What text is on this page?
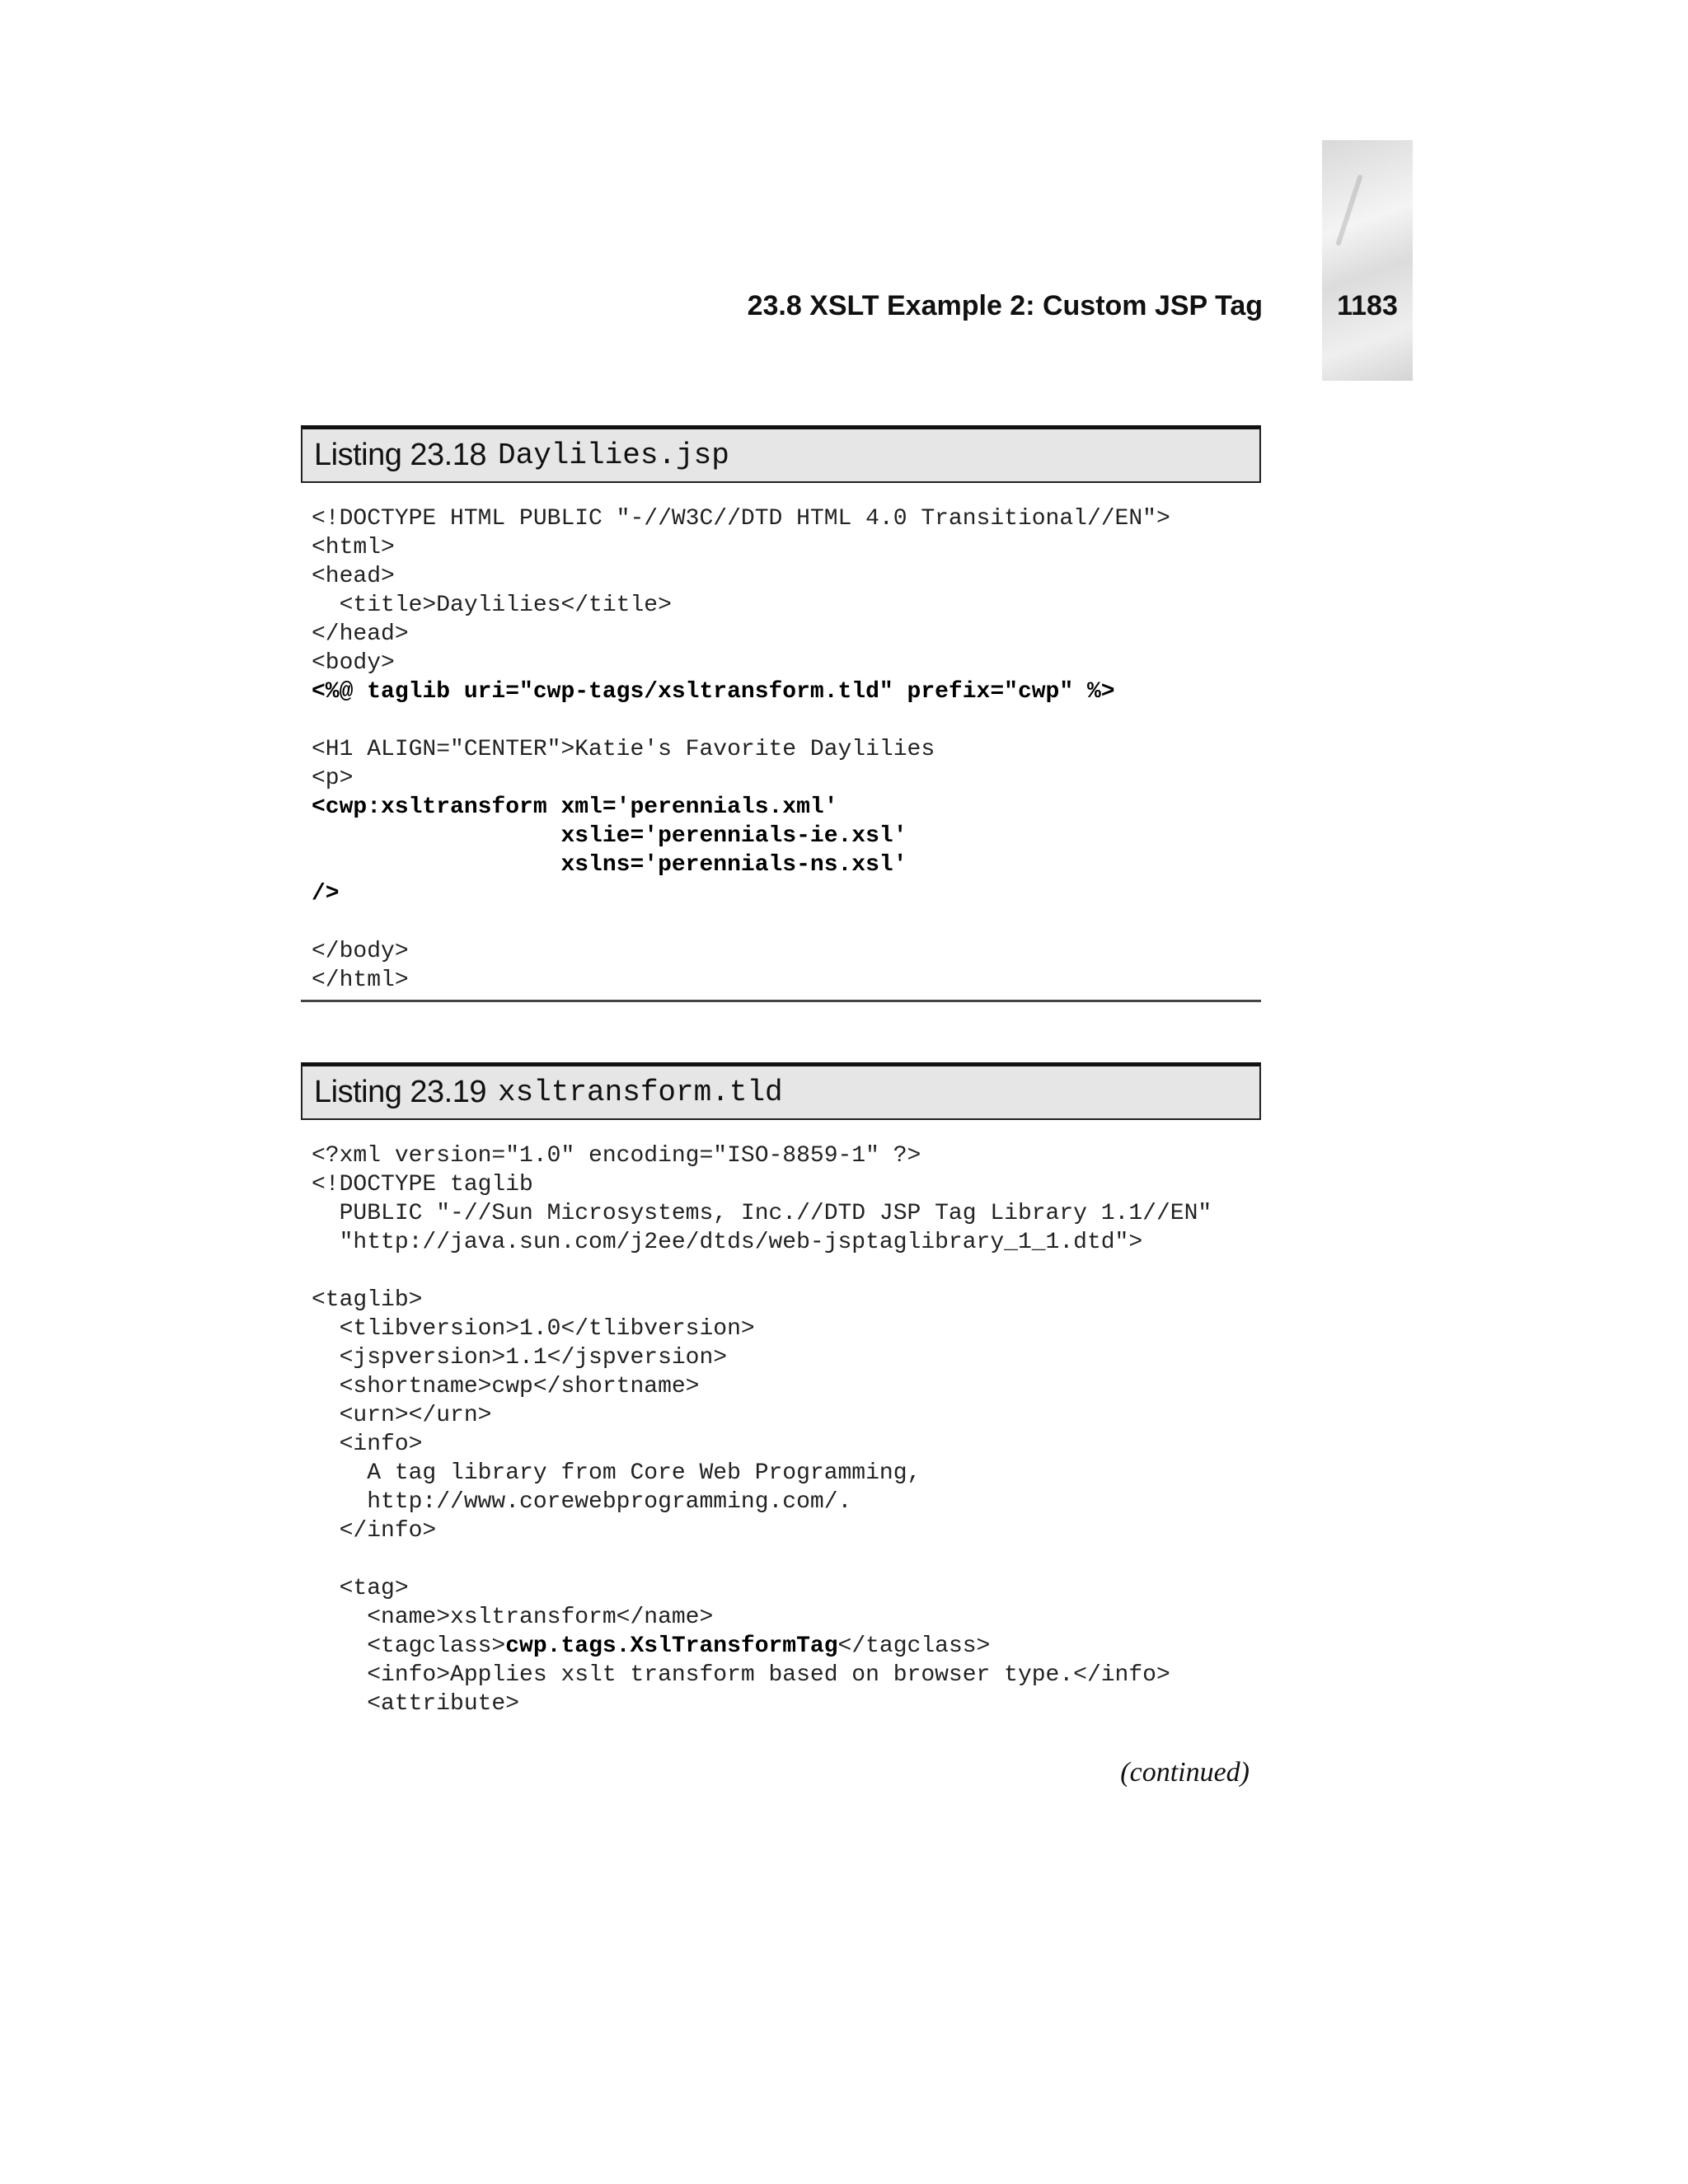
23.8 XSLT Example 2: Custom JSP Tag	1183
Listing 23.18 Daylilies.jsp
<!DOCTYPE HTML PUBLIC "-//W3C//DTD HTML 4.0 Transitional//EN">
<html>
<head>
<title>Daylilies</title>
</head>
<body>
<%@ taglib uri="cwp-tags/xsltransform.tld" prefix="cwp" %>

<H1 ALIGN="CENTER">Katie's Favorite Daylilies
<p>
<cwp:xsltransform xml='perennials.xml'
xslie='perennials-ie.xsl'
xslns='perennials-ns.xsl'
/>

</body>
</html>

Listing 23.19 xsltransform.tld
<?xml version="1.0" encoding="ISO-8859-1" ?>
<!DOCTYPE taglib
PUBLIC "-//Sun Microsystems, Inc.//DTD JSP Tag Library 1.1//EN"
"http://java.sun.com/j2ee/dtds/web-jsptaglibrary_1_1.dtd">

<taglib>
<tlibversion>1.0</tlibversion>
<jspversion>1.1</jspversion>
<shortname>cwp</shortname>
<urn></urn>
<info>
A tag library from Core Web Programming,
http://www.corewebprogramming.com/.
</info>

<tag>
<name>xsltransform</name>
<tagclass>cwp.tags.XslTransformTag</tagclass>
<info>Applies xslt transform based on browser type.</info>
<attribute>

(continued)
